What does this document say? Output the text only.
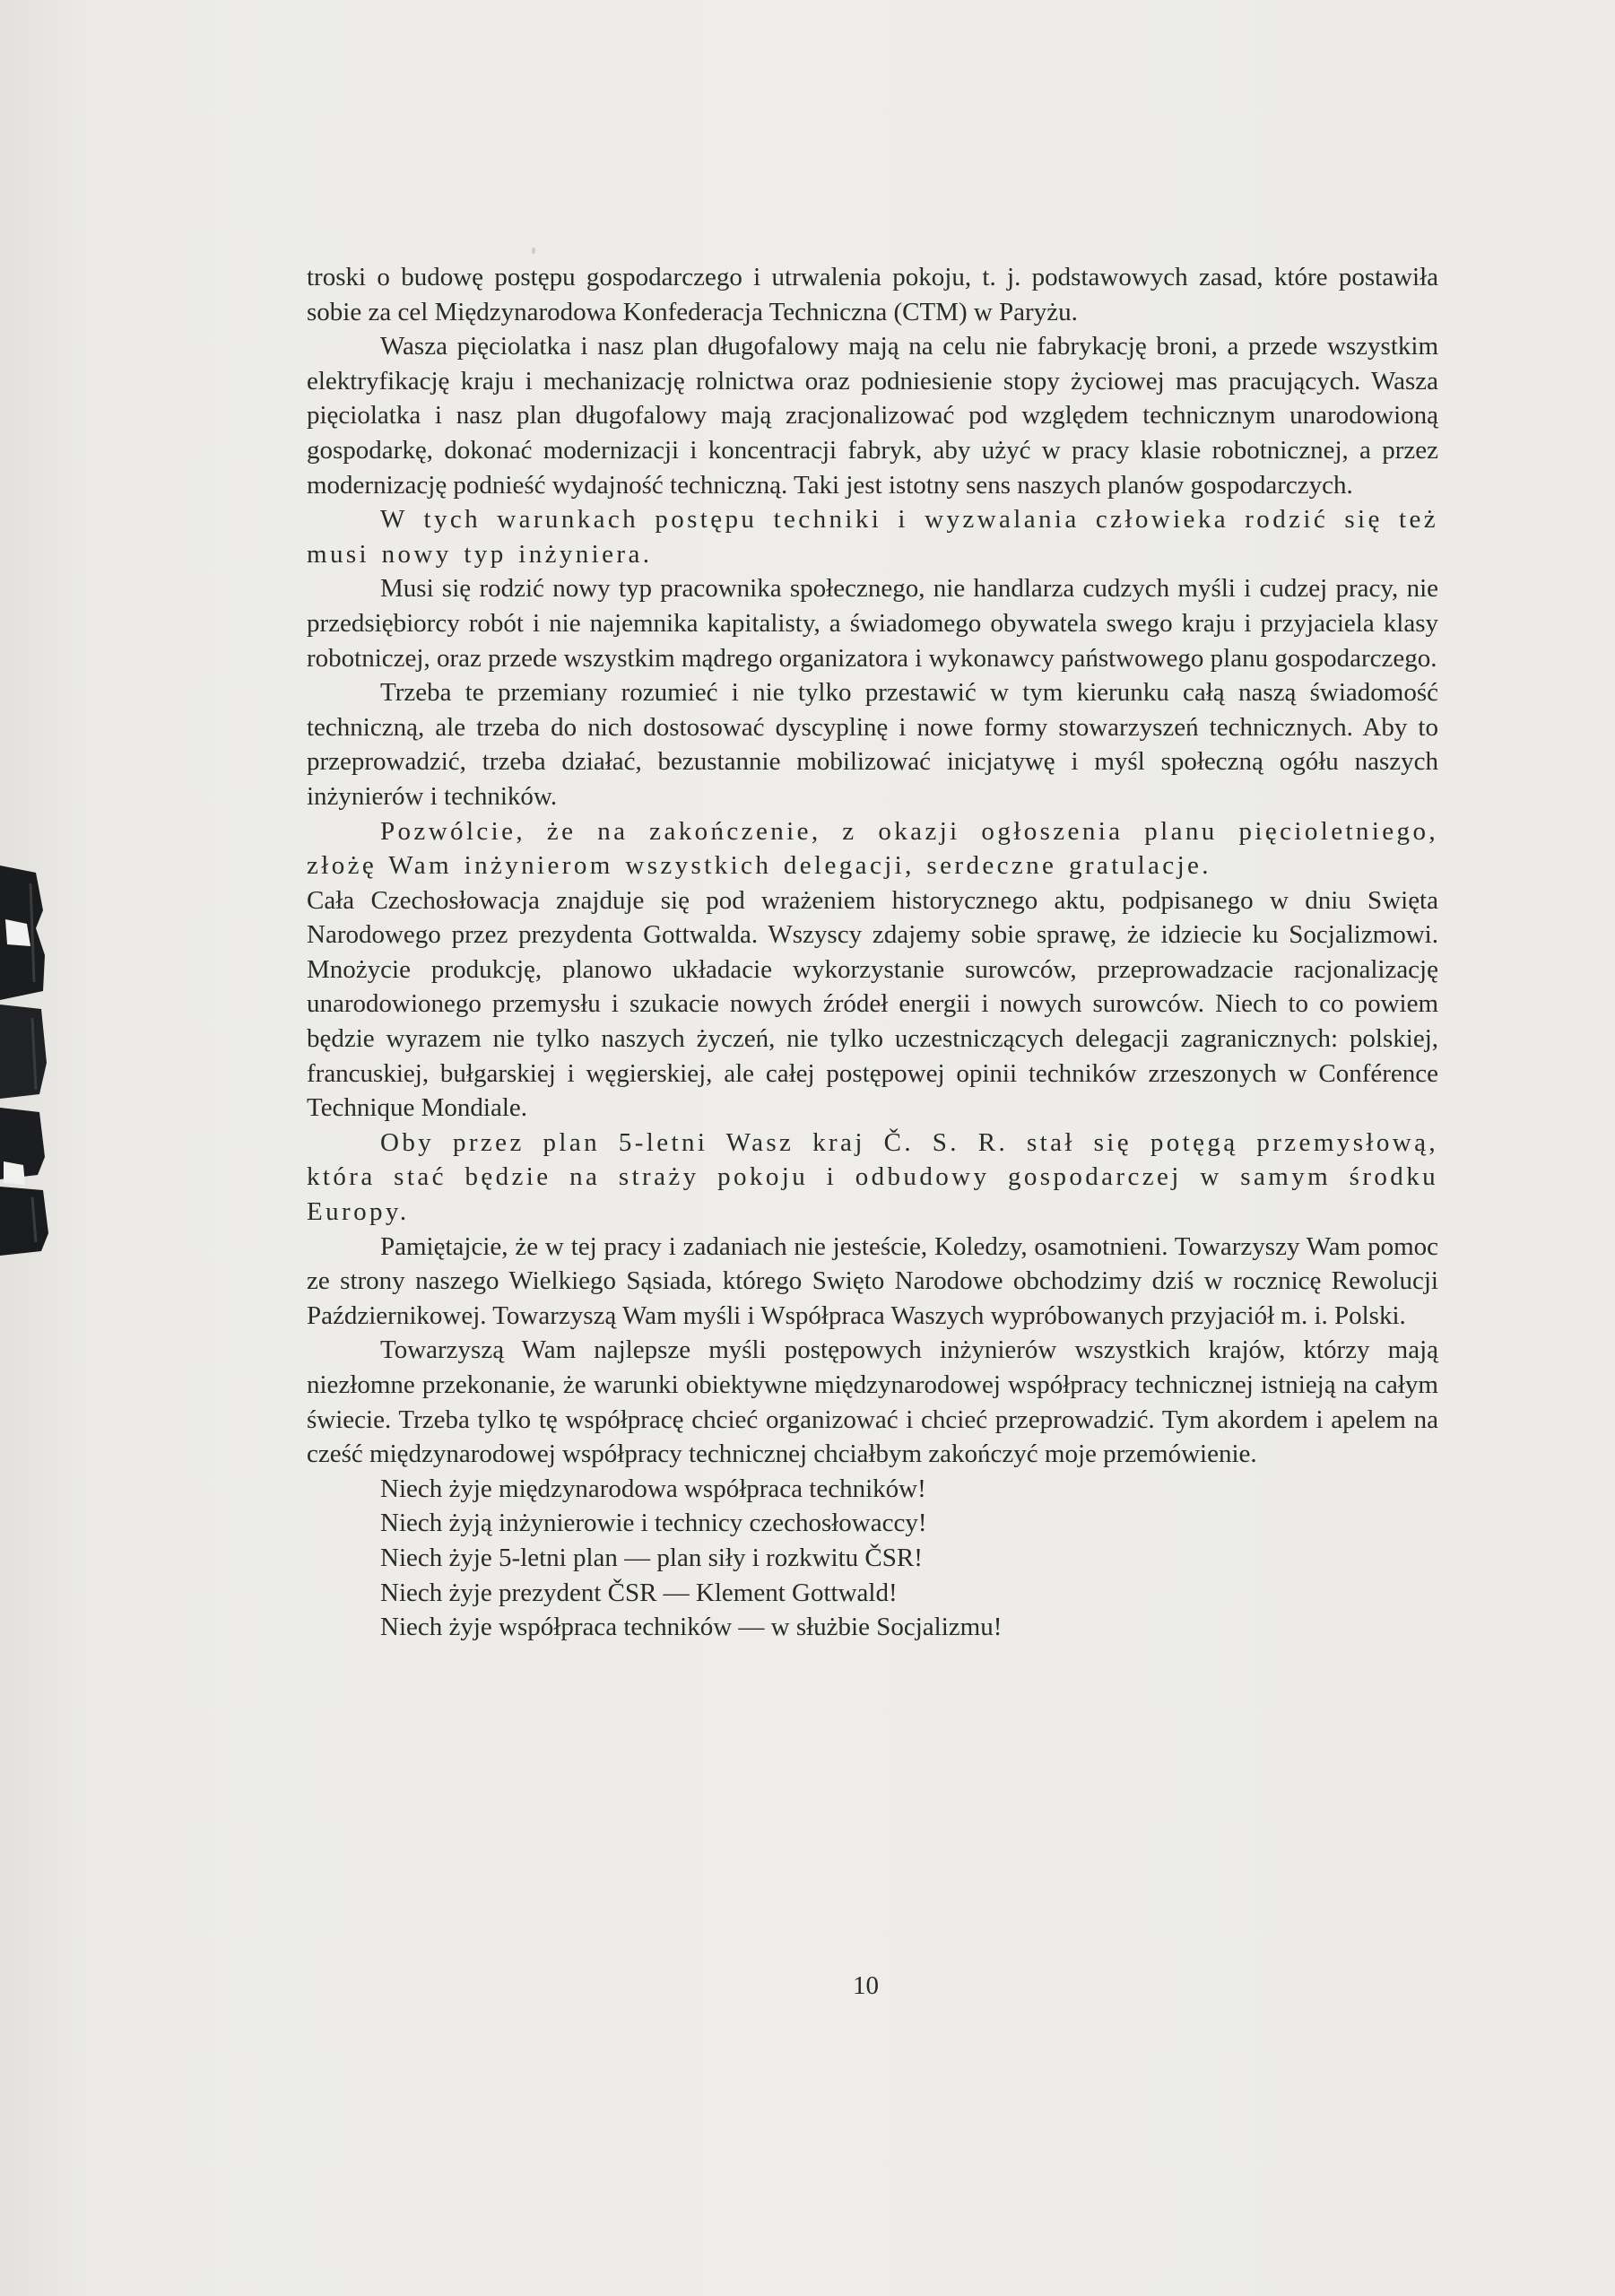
troski o budowę postępu gospodarczego i utrwalenia pokoju, t. j. podstawowych zasad, które postawiła sobie za cel Międzynarodowa Konfederacja Techniczna (CTM) w Paryżu.

Wasza pięciolatka i nasz plan długofalowy mają na celu nie fabrykację broni, a przede wszystkim elektryfikację kraju i mechanizację rolnictwa oraz podniesienie stopy życiowej mas pracujących. Wasza pięciolatka i nasz plan długofalowy mają zracjonalizować pod względem technicznym unarodowioną gospodarkę, dokonać modernizacji i koncentracji fabryk, aby użyć w pracy klasie robotnicznej, a przez modernizację podnieść wydajność techniczną. Taki jest istotny sens naszych planów gospodarczych.

W tych warunkach postępu techniki i wyzwalania człowieka rodzić się też musi nowy typ inżyniera.

Musi się rodzić nowy typ pracownika społecznego, nie handlarza cudzych myśli i cudzej pracy, nie przedsiębiorcy robót i nie najemnika kapitalisty, a świadomego obywatela swego kraju i przyjaciela klasy robotniczej, oraz przede wszystkim mądrego organizatora i wykonawcy państwowego planu gospodarczego.

Trzeba te przemiany rozumieć i nie tylko przestawić w tym kierunku całą naszą świadomość techniczną, ale trzeba do nich dostosować dyscyplinę i nowe formy stowarzyszeń technicznych. Aby to przeprowadzić, trzeba działać, bezustannie mobilizować inicjatywę i myśl społeczną ogółu naszych inżynierów i techników.

Pozwólcie, że na zakończenie, z okazji ogłoszenia planu pięcioletniego, złożę Wam inżynierom wszystkich delegacji, serdeczne gratulacje.

Cała Czechosłowacja znajduje się pod wrażeniem historycznego aktu, podpisanego w dniu Swięta Narodowego przez prezydenta Gottwalda. Wszyscy zdajemy sobie sprawę, że idziecie ku Socjalizmowi. Mnożycie produkcję, planowo układacie wykorzystanie surowców, przeprowadzacie racjonalizację unarodowionego przemysłu i szukacie nowych źródeł energii i nowych surowców. Niech to co powiem będzie wyrazem nie tylko naszych życzeń, nie tylko uczestniczących delegacji zagranicznych: polskiej, francuskiej, bułgarskiej i węgierskiej, ale całej postępowej opinii techników zrzeszonych w Conférence Technique Mondiale.

Oby przez plan 5-letni Wasz kraj Č. S. R. stał się potęgą przemysłową, która stać będzie na straży pokoju i odbudowy gospodarczej w samym środku Europy.

Pamiętajcie, że w tej pracy i zadaniach nie jesteście, Koledzy, osamotnieni. Towarzyszy Wam pomoc ze strony naszego Wielkiego Sąsiada, którego Swięto Narodowe obchodzimy dziś w rocznicę Rewolucji Październikowej. Towarzyszą Wam myśli i Współpraca Waszych wypróbowanych przyjaciół m. i. Polski.

Towarzyszą Wam najlepsze myśli postępowych inżynierów wszystkich krajów, którzy mają niezłomne przekonanie, że warunki obiektywne międzynarodowej współpracy technicznej istnieją na całym świecie. Trzeba tylko tę współpracę chcieć organizować i chcieć przeprowadzić. Tym akordem i apelem na cześć międzynarodowej współpracy technicznej chciałbym zakończyć moje przemówienie.

Niech żyje międzynarodowa współpraca techników!

Niech żyją inżynierowie i technicy czechosłowaccy!

Niech żyje 5-letni plan — plan siły i rozkwitu ČSR!

Niech żyje prezydent ČSR — Klement Gottwald!

Niech żyje współpraca techników — w służbie Socjalizmu!

10
